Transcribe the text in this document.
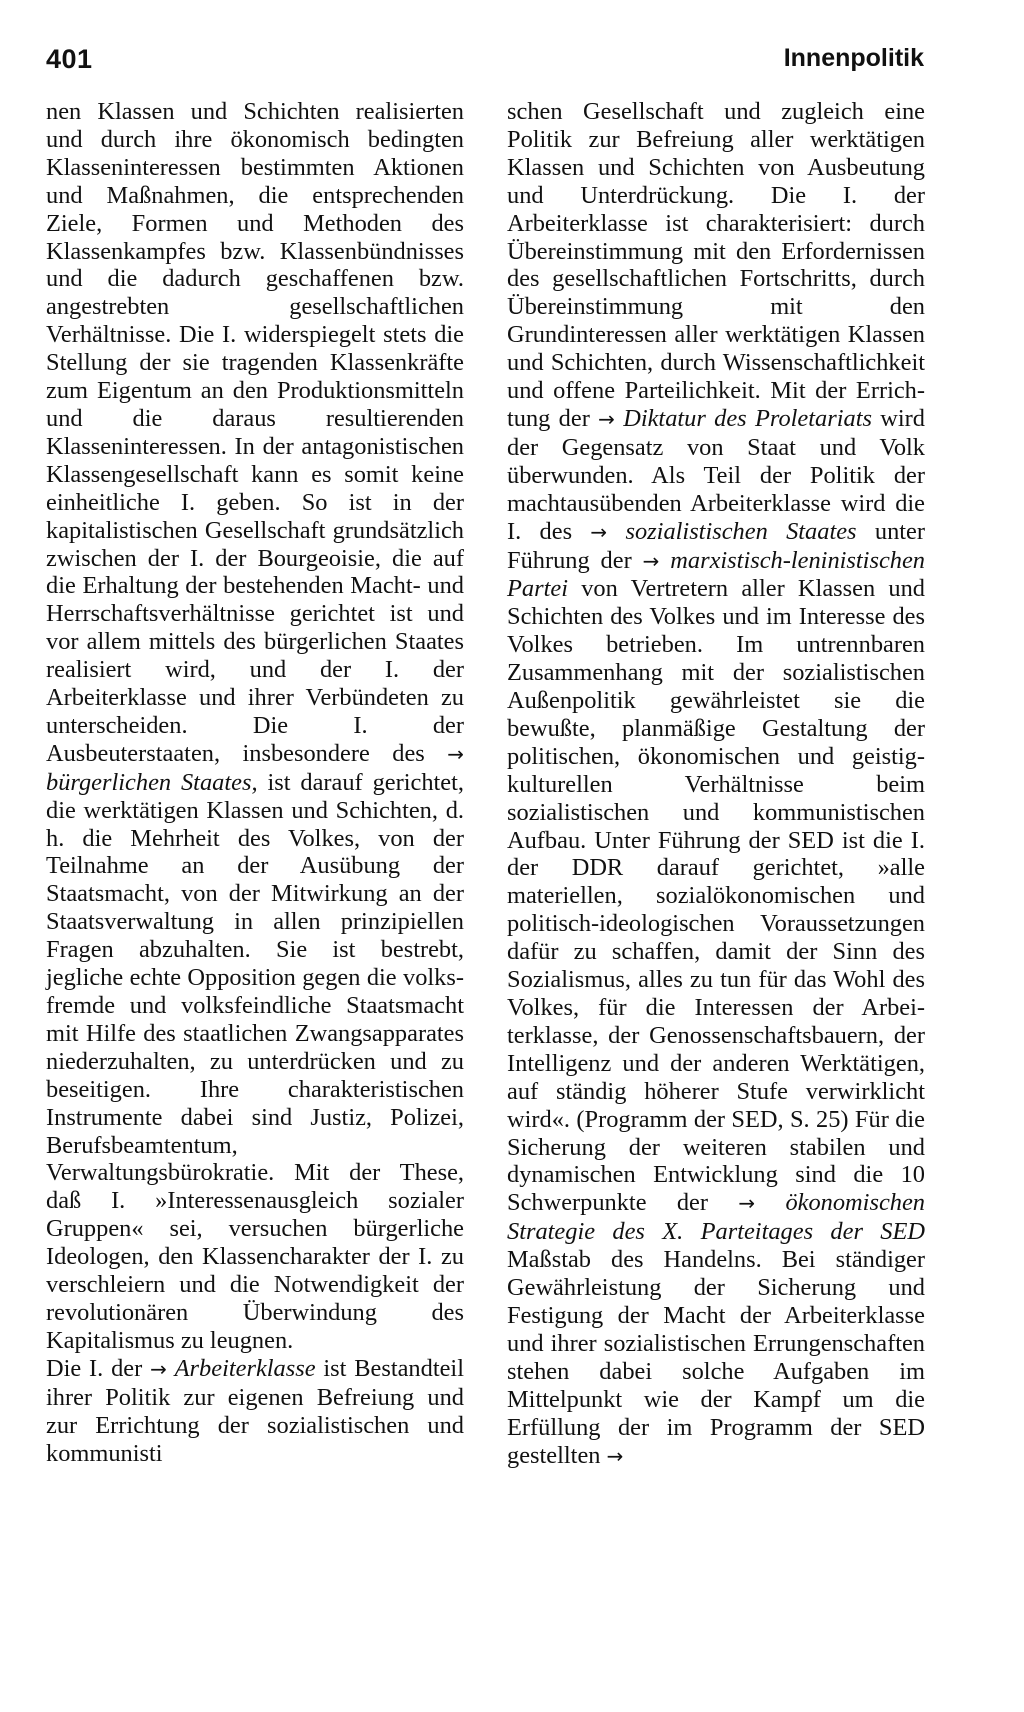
401	Innenpolitik

nen Klassen und Schichten realisierten und durch ihre ökonomisch bedingten Klasseninteressen bestimmten Aktionen und Maßnahmen, die entsprechenden Ziele, Formen und Methoden des Klassenkampfes bzw. Klassenbündnisses und die dadurch geschaffenen bzw. angestrebten gesellschaftlichen Verhältnisse. Die I. widerspiegelt stets die Stellung der sie tragenden Klassenkräfte zum Eigentum an den Produktionsmitteln und die daraus resultierenden Klasseninteressen. In der antagonistischen Klassengesellschaft kann es somit keine einheitliche I. geben. So ist in der kapitalistischen Gesellschaft grundsätzlich zwischen der I. der Bourgeoisie, die auf die Erhaltung der bestehenden Macht- und Herrschaftsverhältnisse gerichtet ist und vor allem mittels des bürgerlichen Staates realisiert wird, und der I. der Arbeiterklasse und ihrer Verbündeten zu unterscheiden. Die I. der Ausbeuterstaaten, insbesondere des → bürgerlichen Staates, ist darauf gerichtet, die werktätigen Klassen und Schichten, d. h. die Mehrheit des Volkes, von der Teilnahme an der Ausübung der Staatsmacht, von der Mitwirkung an der Staatsverwaltung in allen prinzipiellen Fragen abzuhalten. Sie ist bestrebt, jegliche echte Opposition gegen die volksfremde und volksfeindliche Staatsmacht mit Hilfe des staatlichen Zwangsapparates niederzuhalten, zu unterdrücken und zu beseitigen. Ihre charakteristischen Instrumente dabei sind Justiz, Polizei, Berufsbeamtentum, Verwaltungsbürokratie. Mit der These, daß I. »Interessenausgleich sozialer Gruppen« sei, versuchen bürgerliche Ideologen, den Klassencharakter der I. zu verschleiern und die Notwendigkeit der revolutionären Überwindung des Kapitalismus zu leugnen.

Die I. der → Arbeiterklasse ist Bestandteil ihrer Politik zur eigenen Befreiung und zur Errichtung der sozialistischen und kommunisti

schen Gesellschaft und zugleich eine Politik zur Befreiung aller werktätigen Klassen und Schichten von Ausbeutung und Unterdrückung. Die I. der Arbeiterklasse ist charakterisiert: durch Übereinstimmung mit den Erfordernissen des gesellschaftlichen Fortschritts, durch Übereinstimmung mit den Grundinteressen aller werktätigen Klassen und Schichten, durch Wissenschaftlichkeit und offene Parteilichkeit. Mit der Errichtung der → Diktatur des Proletariats wird der Gegensatz von Staat und Volk überwunden. Als Teil der Politik der machtausübenden Arbeiterklasse wird die I. des → sozialistischen Staates unter Führung der → marxistisch-leninistischen Partei von Vertretern aller Klassen und Schichten des Volkes und im Interesse des Volkes betrieben. Im untrennbaren Zusammenhang mit der sozialistischen Außenpolitik gewährleistet sie die bewußte, planmäßige Gestaltung der politischen, ökonomischen und geistig-kulturellen Verhältnisse beim sozialistischen und kommunistischen Aufbau. Unter Führung der SED ist die I. der DDR darauf gerichtet, »alle materiellen, sozialökonomischen und politisch-ideologischen Voraussetzungen dafür zu schaffen, damit der Sinn des Sozialismus, alles zu tun für das Wohl des Volkes, für die Interessen der Arbeiterklasse, der Genossenschaftsbauern, der Intelligenz und der anderen Werktätigen, auf ständig höherer Stufe verwirklicht wird«. (Programm der SED, S. 25) Für die Sicherung der weiteren stabilen und dynamischen Entwicklung sind die 10 Schwerpunkte der → ökonomischen Strategie des X. Parteitages der SED Maßstab des Handelns. Bei ständiger Gewährleistung der Sicherung und Festigung der Macht der Arbeiterklasse und ihrer sozialistischen Errungenschaften stehen dabei solche Aufgaben im Mittelpunkt wie der Kampf um die Erfüllung der im Programm der SED gestellten →
